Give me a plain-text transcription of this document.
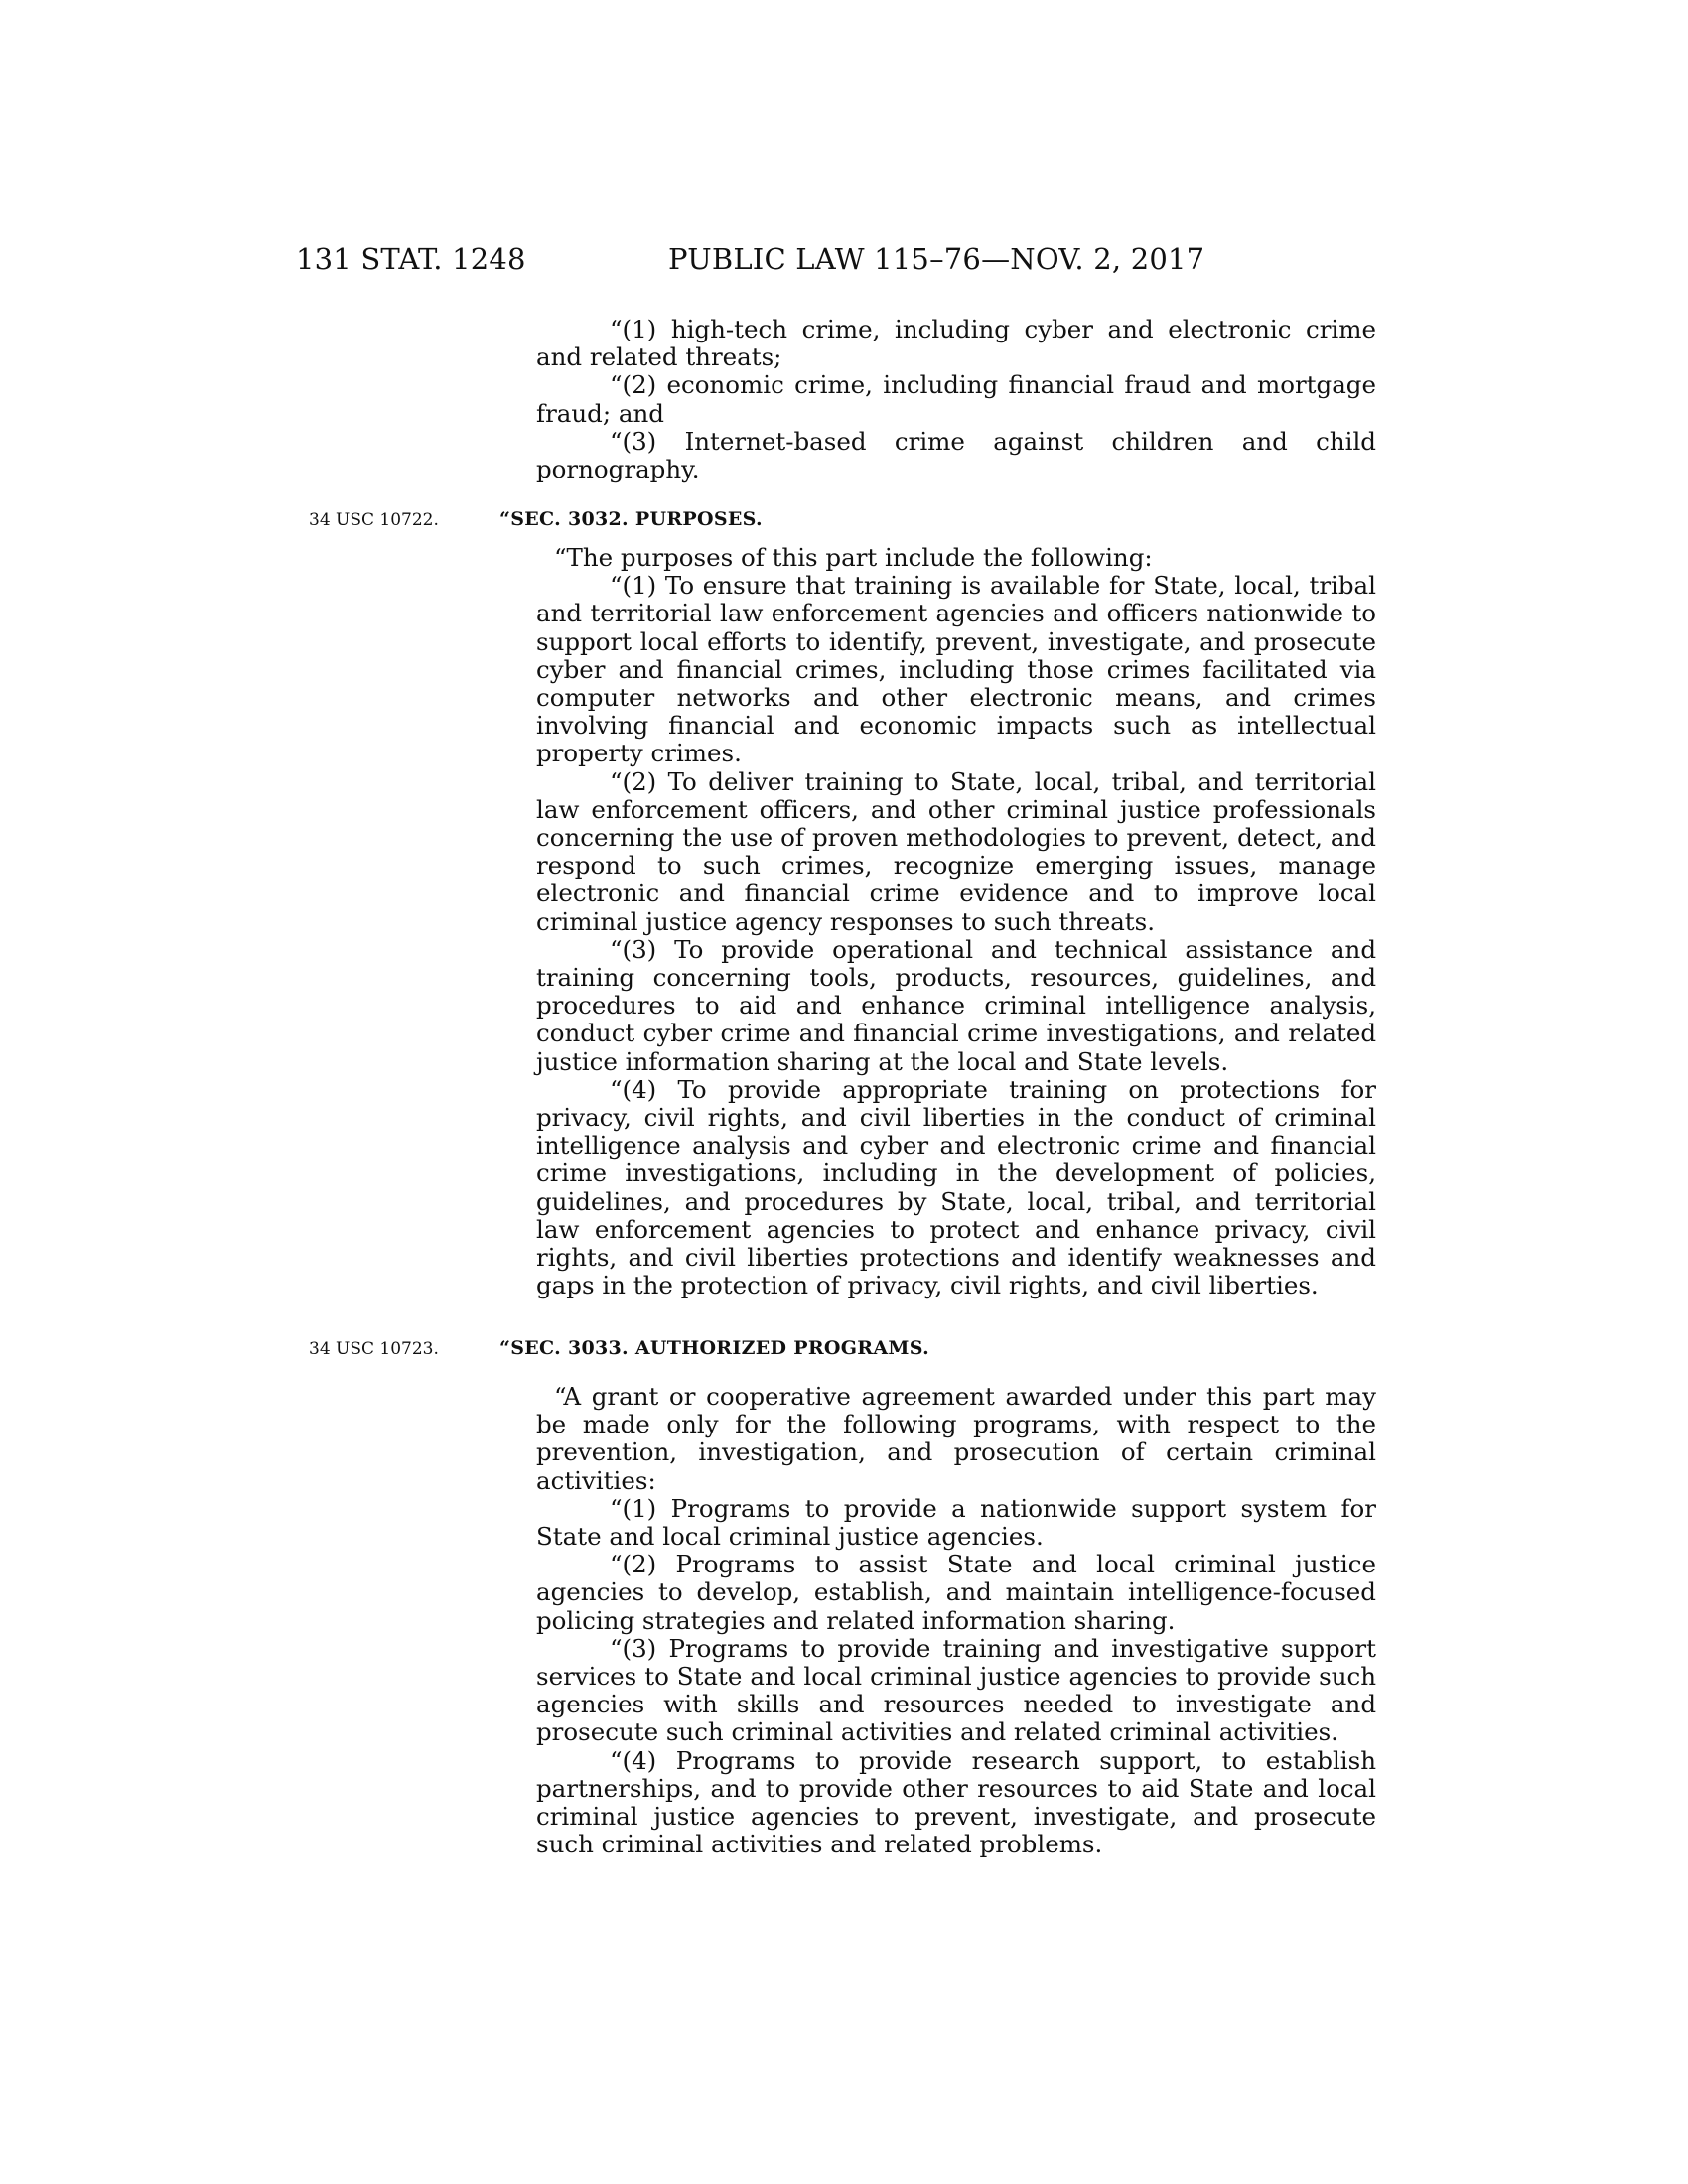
131 STAT. 1248	PUBLIC LAW 115–76—NOV. 2, 2017

“(1) high-tech crime, including cyber and electronic crime and related threats;

“(2) economic crime, including financial fraud and mortgage fraud; and

“(3) Internet-based crime against children and child pornography.

34 USC 10722.	“SEC. 3032. PURPOSES.

“The purposes of this part include the following:

“(1) To ensure that training is available for State, local, tribal and territorial law enforcement agencies and officers nationwide to support local efforts to identify, prevent, investigate, and prosecute cyber and financial crimes, including those crimes facilitated via computer networks and other electronic means, and crimes involving financial and economic impacts such as intellectual property crimes.

“(2) To deliver training to State, local, tribal, and territorial law enforcement officers, and other criminal justice professionals concerning the use of proven methodologies to prevent, detect, and respond to such crimes, recognize emerging issues, manage electronic and financial crime evidence and to improve local criminal justice agency responses to such threats.

“(3) To provide operational and technical assistance and training concerning tools, products, resources, guidelines, and procedures to aid and enhance criminal intelligence analysis, conduct cyber crime and financial crime investigations, and related justice information sharing at the local and State levels.

“(4) To provide appropriate training on protections for privacy, civil rights, and civil liberties in the conduct of criminal intelligence analysis and cyber and electronic crime and financial crime investigations, including in the development of policies, guidelines, and procedures by State, local, tribal, and territorial law enforcement agencies to protect and enhance privacy, civil rights, and civil liberties protections and identify weaknesses and gaps in the protection of privacy, civil rights, and civil liberties.

34 USC 10723.	“SEC. 3033. AUTHORIZED PROGRAMS.

“A grant or cooperative agreement awarded under this part may be made only for the following programs, with respect to the prevention, investigation, and prosecution of certain criminal activities:

“(1) Programs to provide a nationwide support system for State and local criminal justice agencies.

“(2) Programs to assist State and local criminal justice agencies to develop, establish, and maintain intelligence-focused policing strategies and related information sharing.

“(3) Programs to provide training and investigative support services to State and local criminal justice agencies to provide such agencies with skills and resources needed to investigate and prosecute such criminal activities and related criminal activities.

“(4) Programs to provide research support, to establish partnerships, and to provide other resources to aid State and local criminal justice agencies to prevent, investigate, and prosecute such criminal activities and related problems.
